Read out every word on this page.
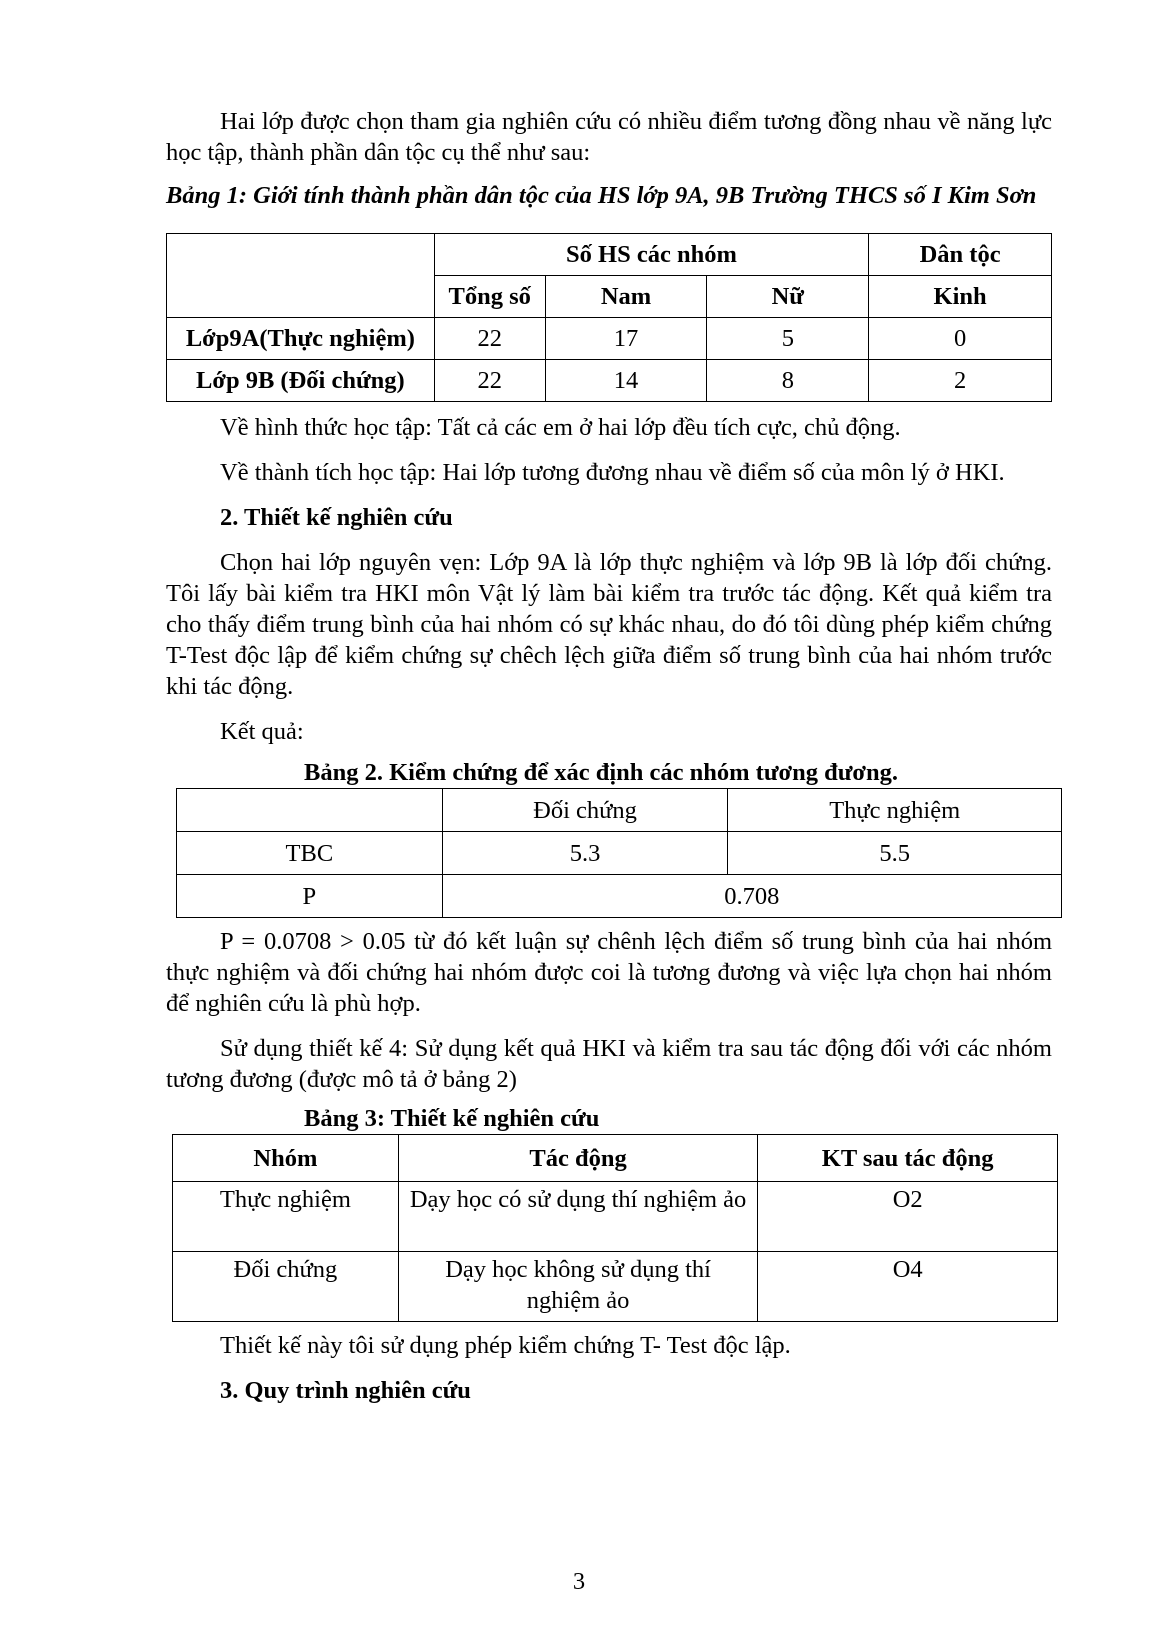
Hai lớp được chọn tham gia nghiên cứu có nhiều điểm tương đồng nhau về năng lực học tập, thành phần dân tộc cụ thể như sau:

Bảng 1: Giới tính thành phần dân tộc của HS lớp 9A, 9B Trường THCS số I Kim Sơn

	Số HS các nhóm			Dân tộc
	Tổng số	Nam	Nữ	Kinh
Lớp9A(Thực nghiệm)	22	17	5	0
Lớp 9B (Đối chứng)	22	14	8	2

Về hình thức học tập: Tất cả các em ở hai lớp đều tích cực, chủ động.

Về thành tích học tập: Hai lớp tương đương nhau về điểm số của môn lý ở HKI.

2. Thiết kế nghiên cứu

Chọn hai lớp nguyên vẹn: Lớp 9A là lớp thực nghiệm và lớp 9B là lớp đối chứng. Tôi lấy bài kiểm tra HKI môn Vật lý làm bài kiểm tra trước tác động. Kết quả kiểm tra cho thấy điểm trung bình của hai nhóm có sự khác nhau, do đó tôi dùng phép kiểm chứng T-Test độc lập để kiểm chứng sự chêch lệch giữa điểm số trung bình của hai nhóm trước khi tác động.

Kết quả:

Bảng 2. Kiểm chứng để xác định các nhóm tương đương.

	Đối chứng	Thực nghiệm
TBC	5.3	5.5
P	0.708	

P = 0.0708 > 0.05 từ đó kết luận sự chênh lệch điểm số trung bình của hai nhóm thực nghiệm và đối chứng hai nhóm được coi là tương đương và việc lựa chọn hai nhóm để nghiên cứu là phù hợp.

Sử dụng thiết kế 4: Sử dụng kết quả HKI và kiểm tra sau tác động đối với các nhóm tương đương (được mô tả ở bảng 2)

Bảng 3: Thiết kế nghiên cứu

Nhóm	Tác động	KT sau tác động
Thực nghiệm	Dạy học có sử dụng thí nghiệm ảo	O2
Đối chứng	Dạy học không sử dụng thí nghiệm ảo	O4

Thiết kế này tôi sử dụng phép kiểm chứng T- Test độc lập.

3. Quy trình nghiên cứu

3
